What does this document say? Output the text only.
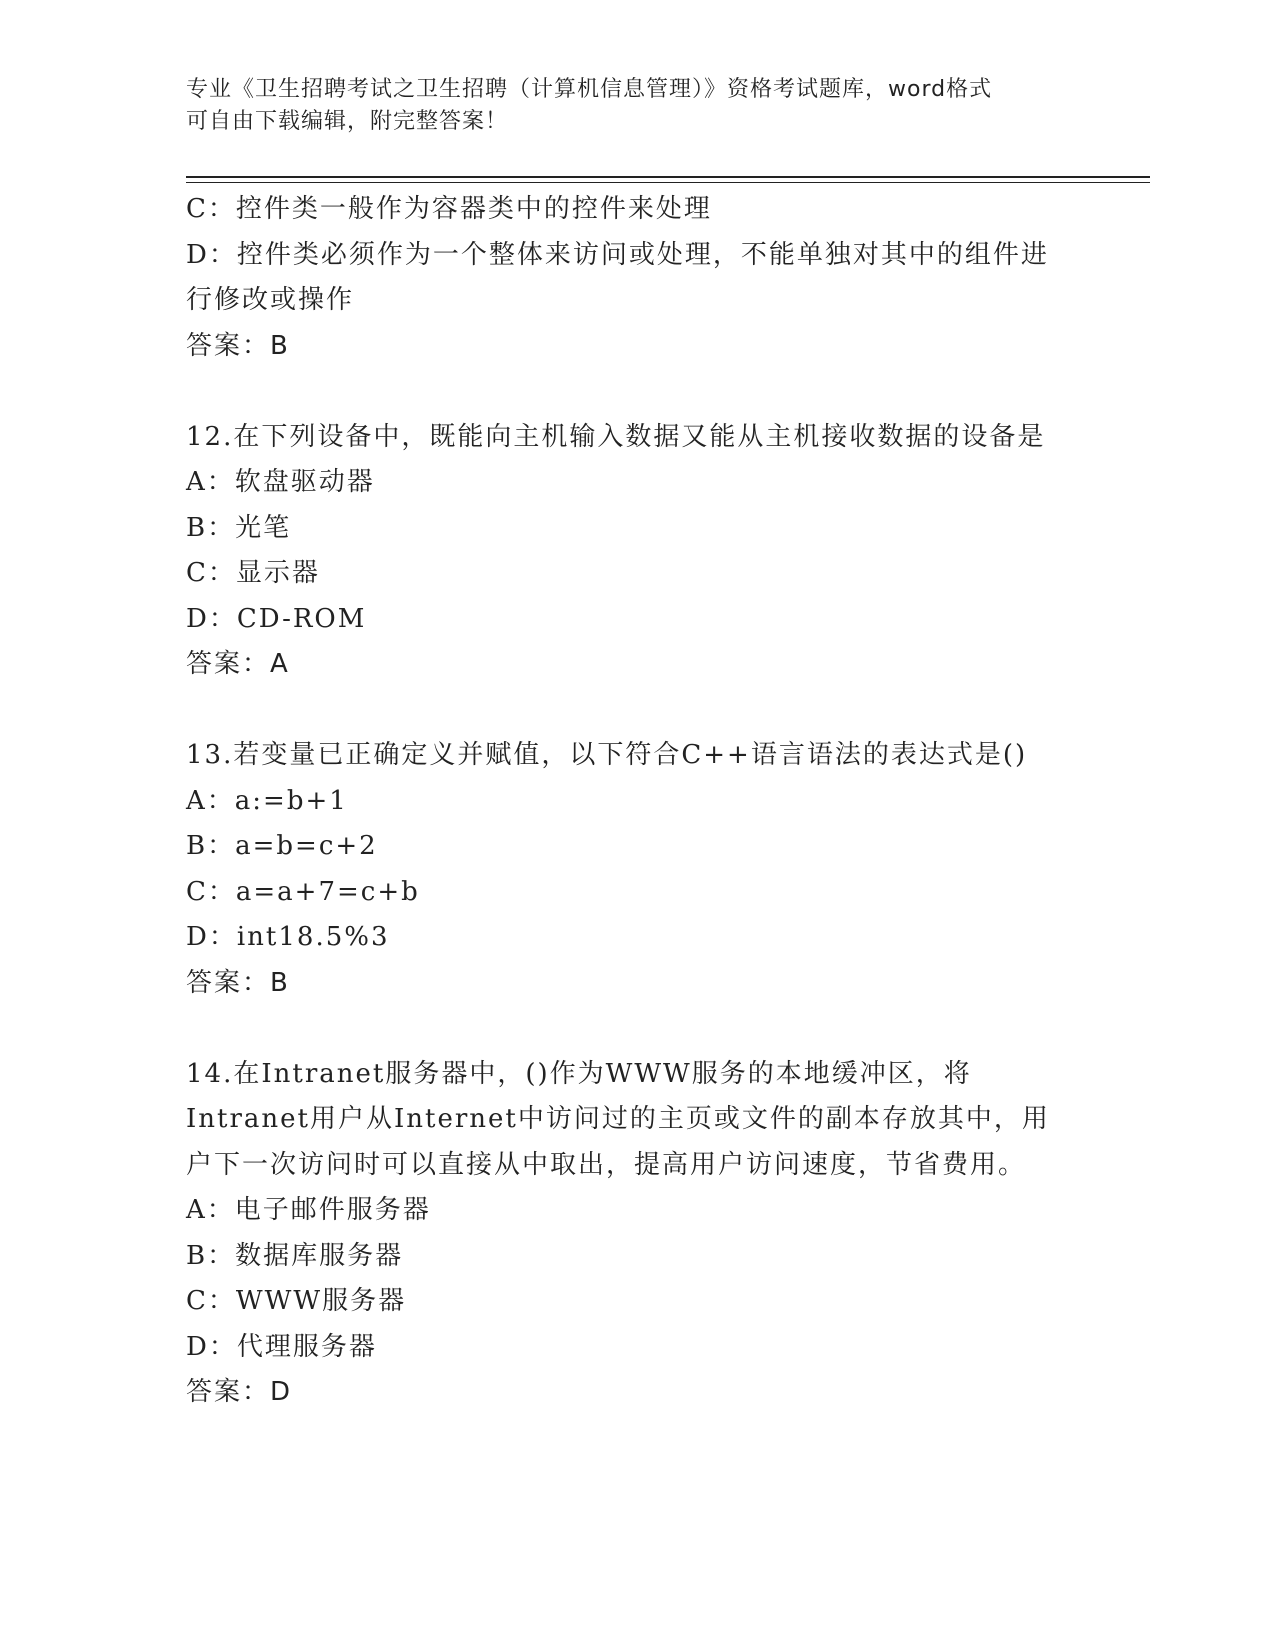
专业《卫生招聘考试之卫生招聘（计算机信息管理）》资格考试题库，word格式
可自由下载编辑，附完整答案！
C：控件类一般作为容器类中的控件来处理
D：控件类必须作为一个整体来访问或处理，不能单独对其中的组件进
行修改或操作
答案：B
12.在下列设备中，既能向主机输入数据又能从主机接收数据的设备是
A：软盘驱动器
B：光笔
C：显示器
D：CD-ROM
答案：A
13.若变量已正确定义并赋值，以下符合C++语言语法的表达式是()
A：a:=b+1
B：a=b=c+2
C：a=a+7=c+b
D：int18.5%3
答案：B
14.在Intranet服务器中，()作为WWW服务的本地缓冲区，将
Intranet用户从Internet中访问过的主页或文件的副本存放其中，用
户下一次访问时可以直接从中取出，提高用户访问速度，节省费用。
A：电子邮件服务器
B：数据库服务器
C：WWW服务器
D：代理服务器
答案：D
